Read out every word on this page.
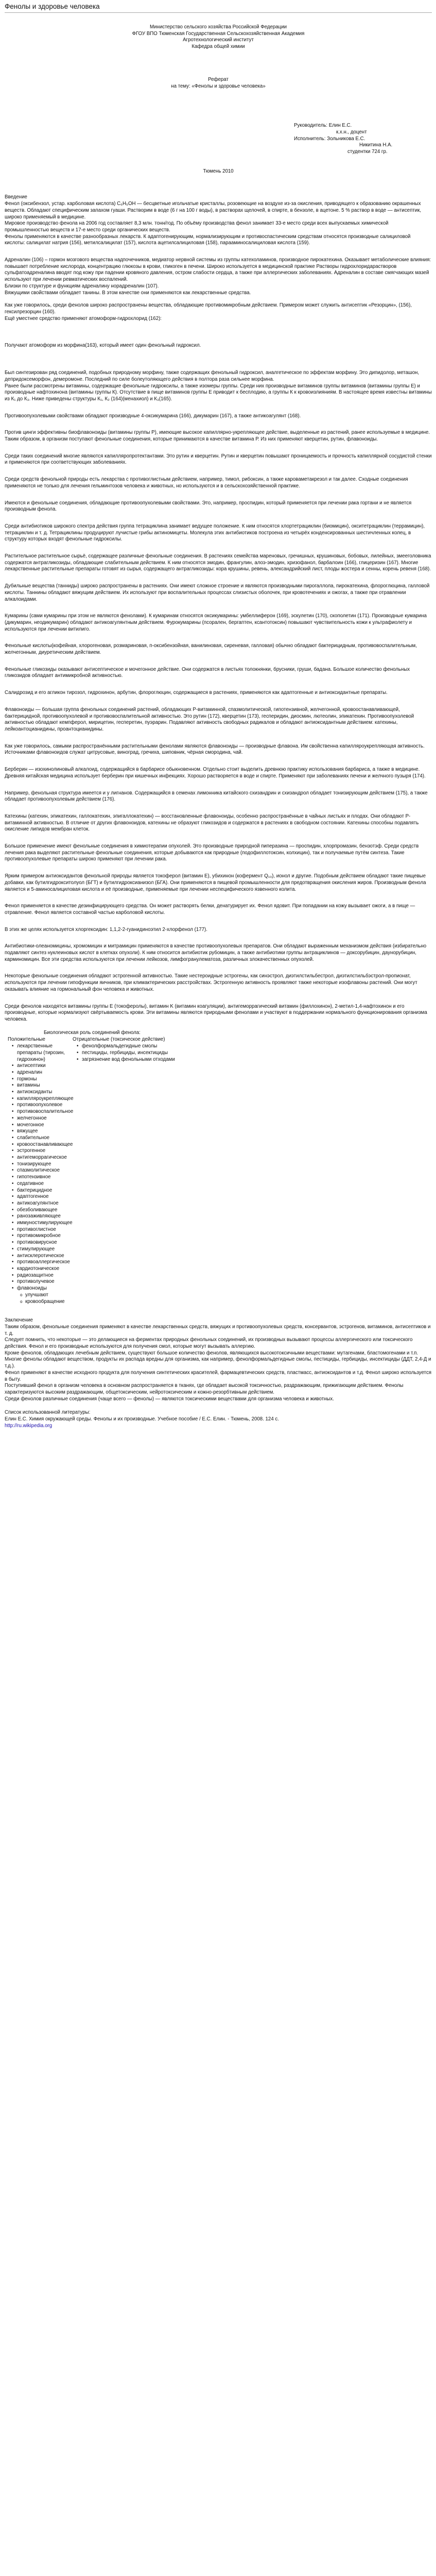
Фенолы и здоровье человека
Министерство сельского хозяйства Российской Федерации
ФГОУ ВПО Тюменская Государственная Сельскохозяйственная Академия
Агротехнологический институт
Кафедра общей химии
Реферат
на тему: «Фенолы и здоровье человека»
Руководитель: Елин Е.С.
к.х.н., доцент
Исполнитель: Зольникова Е.С.
Никитина Н.А.
студентки 724 гр.
Тюмень 2010
Введение
Фенол (оксибензол, устар. карболовая кислота) C₆H₅OH — бесцветные игольчатые кристаллы, розовеющие на воздухе из-за окисления, приводящего к образованию окрашенных веществ. Обладают специфическим запахом гуаши. Растворим в воде (6 г на 100 г воды), в растворах щелочей, в спирте, в бензоле, в ацетоне. 5 % раствор в воде — антисептик, широко применяемый в медицине.
Мировое производство фенола на 2006 год составляет 8,3 млн. тонн/год. По объёму производства фенол занимает 33-е место среди всех выпускаемых химической промышленностью веществ и 17-е место среди органических веществ.
Фенолы применяются в качестве разнообразных лекарств. К адаптогенирующим, нормализирующим и противоспастическим средствам относятся производные салициловой кислоты: салицилат натрия (156), метилсалицилат (157), кислота ацетилсалициловая (158), парааминосалициловая кислота (159).
Адреналин (106) – гормон мозгового вещества надпочечников, медиатор нервной системы из группы катехоламинов, производное пирокатехина. Оказывает метаболические влияния: повышает потребление кислорода, концентрацию глюкозы в крови, гликоген в печени. Широко используется в медицинской практике Растворы гидрохлоридарастворов сульфатоадреналина вводят под кожу при падении кровяного давления, остром слабости сердца, а также при аллергических заболеваниях. Адреналин в составе смягчающих мазей используют при лечении ревматических воспалений.
Близки по структуре и функциям адреналину норадреналин (107).
Вяжущими свойствами обладает танины. В этом качестве они применяются как лекарственные средства.
Как уже говорилось, среди фенолов широко распространены вещества, обладающие противомикробным действием. Примером может служить антисептик «Резорцин», (156), гексилрезорцин (160).
Ещё уместнее средство применяют атомоформ-гидрохлорид (162):
Получают атомоформ из морфина(163), который имеет один фенольный гидроксил.
Был синтезирован ряд соединений, подобных природному морфину, также содержащих фенольный гидроксил, аналгетическое по эффектам морфину. Это дипидолор, меташон, депридоксеморфон, демеромоне. Последний по силе болеутоляющего действия в полтора раза сильнее морфина.
Ранее были рассмотрены витамины, содержащие фенольные гидроксилы, а также изомеры группы. Среди них производные витаминов группы витаминов (витамины группы Е) и производные нафтохинона (витамины группы К). Отсутствие в пище витаминов группы Е приводит к бесплодию, а группы К к кровоизлияниям. В настоящее время известны витамины из К₁ до К₃. Ниже приведены структуры К₁, К₂ (164)(менахиол) и К₃(165).
Противоопухолевыми свойствами обладают производные 4-оксикумарина (166), дикумарин (167), а также антикоагулянт (168).
Против цинги эффективны биофлавоноиды (витамины группы Р), имеющие высокое капиллярно-укрепляющее действие, выделенные из растений, ранее используемые в медицине. Таким образом, в организм поступают фенольные соединения, которые принимаются в качестве витамина Р. Из них применяют кверцетин, рутин, флавоноиды.
Среди таких соединений многие являются капилляропротектантами. Это рутин и кверцетин. Рутин и кверцетин повышают проницаемость и прочность капиллярной сосудистой стенки и применяются при соответствующих заболеваниях.
Среди средств фенольной природы есть лекарства с противоглистным действием, например, тимол, рибоксин, а также кароваметакрезол и так далее. Сходные соединения применяются не только для лечения гельминтозов человека и животных, но используются и в сельскохозяйственной практике.
Имеются и фенольные соединения, обладающие противоопухолевыми свойствами. Это, например, проспидин, который применяется при лечении рака гортани и не является производным фенола.
Среди антибиотиков широкого спектра действия группа тетрациклина занимает ведущее положение. К ним относятся хлортетрациклин (биомицин), окситетрациклин (террамицин), тетрациклин и т. д. Тетрациклины продуцируют лучистые грибы актиномицеты. Молекула этих антибиотиков построена из четырёх конденсированных шестичленных колец, в структуру которых входят фенольные гидроксилы.
Растительное растительное сырьё, содержащее различные фенольные соединения. В растениях семейства мареновых, гречишных, крушиновых, бобовых, лилейных, змееголовника содержатся антрагликозиды, обладающие слабительным действием. К ним относятся эмодин, франгулин, алоэ-эмодин, хризофанол, барбалоин (166), глицеризин (167). Многие лекарственные растительные препараты готовят из сырья, содержащего антрагликозиды: кора крушины, ревень, александрийский лист, плоды жостера и сенны, корень ревеня (168).
Дубильные вещества (танниды) широко распространены в растениях. Они имеют сложное строение и являются производными пирогаллола, пирокатехина, флороглюцина, галловой кислоты. Таннины обладают вяжущим действием. Их используют при воспалительных процессах слизистых оболочек, при кровотечениях и ожогах, а также при отравлении алкалоидами.
Кумарины (сами кумарины при этом не являются фенолами). К кумаринам относятся оксикумарины: умбеллиферон (169), эскулетин (170), скополетин (171). Производные кумарина (дикумарин, неодикумарин) обладают антикоагулянтным действием. Фурокумарины (псорален, бергаптен, ксантотоксин) повышают чувствительность кожи к ультрафиолету и используются при лечении витилиго.
Фенольные кислоты(кофейная, хлорогеновая, розмариновая, п-оксибензойная, ванилиновая, сиреневая, галловая) обычно обладают бактерицидным, противовоспалительным, желчегонным, диуретическим действием.
Фенольные гликозиды оказывают антисептическое и мочегонное действие. Они содержатся в листьях толокнянки, брусники, груши, бадана. Большое количество фенольных гликозидов обладает антимикробной активностью.
Салидрозид и его агликон тирозол, гидрохинон, арбутин, флороглюцин, содержащиеся в растениях, применяются как адаптогенные и антиоксидантные препараты.
Флавоноиды — большая группа фенольных соединений растений, обладающих P-витаминной, спазмолитической, гипотензивной, желчегонной, кровоостанавливающей, бактерицидной, противоопухолевой и противовоспалительной активностью. Это рутин (172), кверцетин (173), гесперидин, диосмин, лютеолин, эпикатехин. Противоопухолевой активностью обладают кемпферол, мирицетин, гесперетин, пуэрарин. Подавляют активность свободных радикалов и обладают антиоксидантным действием: катехины, лейкоантоцианидины, проантоцианидины.
Как уже говорилось, самыми распространёнными растительными фенолами являются флавоноиды — производные флавона. Им свойственна капилляроукрепляющая активность. Источниками флавоноидов служат цитрусовые, виноград, гречиха, шиповник, чёрная смородина, чай.
Берберин — изохинолиновый алкалоид, содержащийся в барбарисе обыкновенном. Отдельно стоит выделить древнюю практику использования барбариса, а также в медицине. Древняя китайская медицина использует берберин при кишечных инфекциях. Хорошо растворяется в воде и спирте. Применяют при заболеваниях печени и желчного пузыря (174).
Например, фенольная структура имеется и у лигнанов. Содержащийся в семенах лимонника китайского схизандрин и схизандрол обладает тонизирующим действием (175), а также обладает противоопухолевым действием (176).
Катехины (катехин, эпикатехин, галлокатехин, эпигаллокатехин) — восстановленные флавоноиды, особенно распространённые в чайных листьях и плодах. Они обладают P-витаминной активностью. В отличие от других флавоноидов, катехины не образуют гликозидов и содержатся в растениях в свободном состоянии. Катехины способны подавлять окисление липидов мембран клеток.
Большое применение имеют фенольные соединения в химиотерапии опухолей. Это производные природной пиперазина — проспидин, хлорпромазин, бензотэф. Среди средств лечения рака выделяют растительные фенольные соединения, которые добываются как природные (подофиллотоксин, колхицин), так и получаемые путём синтеза. Такие противоопухолевые препараты широко применяют при лечении рака.
Ярким примером антиоксидантов фенольной природы является токоферол (витамин E), убихинон (кофермент Q₁₀), ионол и другие. Подобным действием обладают такие пищевые добавки, как бутилгидрокситолуол (БГТ) и бутилгидроксианизол (БГА). Они применяются в пищевой промышленности для предотвращения окисления жиров. Производным фенола является и 5-аминосалициловая кислота и её производные, применяемые при лечении неспецифического язвенного колита.
Фенол применяется в качестве дезинфицирующего средства. Он может растворять белки, денатурирует их. Фенол ядовит. При попадании на кожу вызывает ожоги, а в пище — отравление. Фенол является составной частью карболовой кислоты.
В этих же целях используется хлоргексидин: 1,1,2-2-гуанидиноэтил 2-хлорфенол (177).
Антибиотики-олеаномицины, хромомицин и митрамицин применяются в качестве противоопухолевых препаратов. Они обладают выраженным механизмом действия (избирательно подавляют синтез нуклеиновых кислот в клетках опухоли). К ним относится антибиотик рубомицин, а также антибиотики группы антрациклинов — доксорубицин, даунорубицин, карминомицин. Все эти средства используются при лечении лейкозов, лимфогранулематоза, различных злокачественных опухолей.
Некоторые фенольные соединения обладают эстрогенной активностью. Такие нестероидные эстрогены, как синэстрол, диэтилстильбестрол, диэтилстильбэстрол-пропионат, используются при лечении гипофункции яичников, при климактерических расстройствах. Эстрогенную активность проявляют также некоторые изофлавоны растений. Они могут оказывать влияние на гормональный фон человека и животных.
Среди фенолов находятся витамины группы E (токоферолы), витамин K (витамин коагуляции), антигеморрагический витамин (филлохинон), 2-метил-1,4-нафтохинон и его производные, которые нормализуют свёртываемость крови. Эти витамины являются природными фенолами и участвуют в поддержании нормального функционирования организма человека.
Биологическая роль соединений фенола:
Положительные
• лекарственные препараты (тирозин, гидрохинон)
• антисептики
• адреналин
• гормоны
• витамины
• антиоксиданты
• капилляроукрепляющее
• противоопухолевое
• противовоспалительное
• желчегонное
• мочегонное
• вяжущее
• слабительное
• кровоостанавливающее
• эстрогенное
• антигеморрагическое
• тонизирующее
• спазмолитическое
• гипотензивное
• седативное
• бактерицидное
• адаптогенное
• антикоагулянтное
• обезболивающее
• ранозаживляющее
• иммуностимулирующее
• противоглистное
• противомикробное
• противовирусное
• стимулирующее
• антисклеротическое
• противоаллергическое
• кардиотоническое
• радиозащитное
• противолучевое
• флавоноиды
o улучшают
o кровообращение
Отрицательные (токсическое действие)
• фенолформальдегидные смолы
• пестициды, гербициды, инсектициды
• загрязнение вод фенольными отходами
Заключение
Таким образом, фенольные соединения применяют в качестве лекарственных средств, вяжущих и противоопухолевых средств, консервантов, эстрогенов, витаминов, антисептиков и т. д.
Следует помнить, что некоторые — это делающиеся на ферментах природных фенольных соединений, их производных вызывают процессы аллергического или токсического действия. Фенол и его производные используются для получения смол, которые могут вызывать аллергию.
Кроме фенолов, обладающих лечебным действием, существуют большое количество фенолов, являющихся высокотоксичными веществами: мутагенами, бластомогенами и т.п. Многие фенолы обладают веществом, продукты их распада вредны для организма, как например, фенолформальдегидные смолы, пестициды, гербициды, инсектициды (ДДТ, 2,4-Д и т.д.).
Фенол применяют в качестве исходного продукта для получения синтетических красителей, фармацевтических средств, пластмасс, антиоксидантов и т.д. Фенол широко используется в быту.
Поступивший фенол в организм человека в основном распространяется в тканях, где обладает высокой токсичностью, раздражающим, прижигающим действием. Фенолы характеризуются высоким раздражающим, общетоксическим, нейротоксическим и кожно-резорбтивным действием.
Среди фенолов различные соединения (чаще всего — фенолы) — являются токсическими веществами для организма человека и животных.
Список использованной литературы:
Елин Е.С. Химия окружающей среды. Фенолы и их производные. Учебное пособие / Е.С. Елин. - Тюмень, 2008. 124 с.
http://ru.wikipedia.org
